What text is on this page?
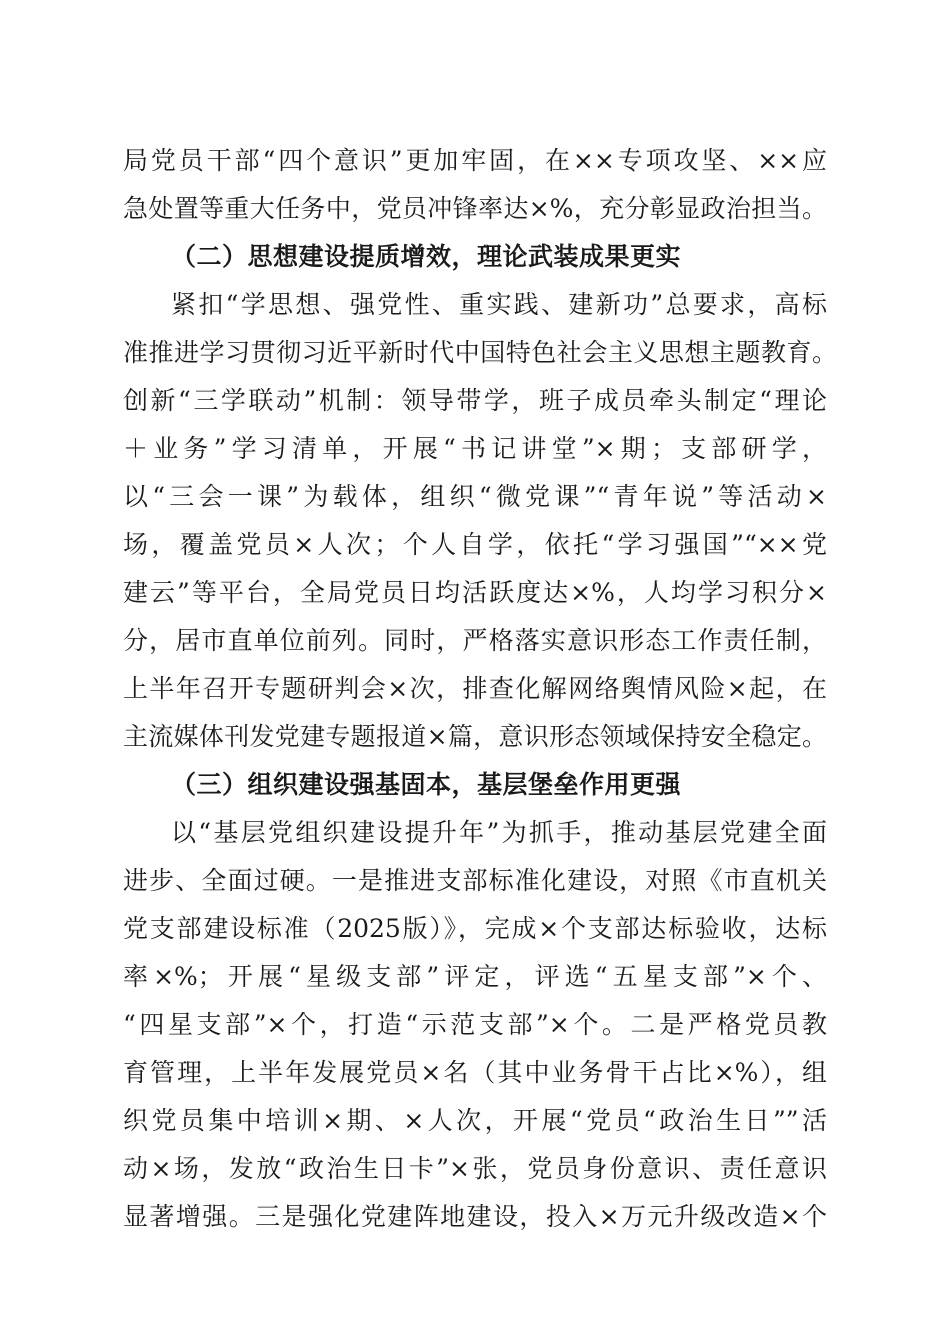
局党员干部“四个意识”更加牢固，在××专项攻坚、××应
急处置等重大任务中，党员冲锋率达×%，充分彰显政治担当。
（二）思想建设提质增效，理论武装成果更实
紧扣“学思想、强党性、重实践、建新功”总要求，高标
准推进学习贯彻习近平新时代中国特色社会主义思想主题教育。
创新“三学联动”机制：领导带学，班子成员牵头制定“理论
＋业务”学习清单，开展“书记讲堂”×期；支部研学，
以“三会一课”为载体，组织“微党课”“青年说”等活动×
场，覆盖党员×人次；个人自学，依托“学习强国”“××党
建云”等平台，全局党员日均活跃度达×%，人均学习积分×
分，居市直单位前列。同时，严格落实意识形态工作责任制，
上半年召开专题研判会×次，排查化解网络舆情风险×起，在
主流媒体刊发党建专题报道×篇，意识形态领域保持安全稳定。
（三）组织建设强基固本，基层堡垒作用更强
以“基层党组织建设提升年”为抓手，推动基层党建全面
进步、全面过硬。一是推进支部标准化建设，对照《市直机关
党支部建设标准（2025版）》，完成×个支部达标验收，达标
率×%；开展“星级支部”评定，评选“五星支部”×个、
“四星支部”×个，打造“示范支部”×个。二是严格党员教
育管理，上半年发展党员×名（其中业务骨干占比×%），组
织党员集中培训×期、×人次，开展“党员“政治生日””活
动×场，发放“政治生日卡”×张，党员身份意识、责任意识
显著增强。三是强化党建阵地建设，投入×万元升级改造×个
